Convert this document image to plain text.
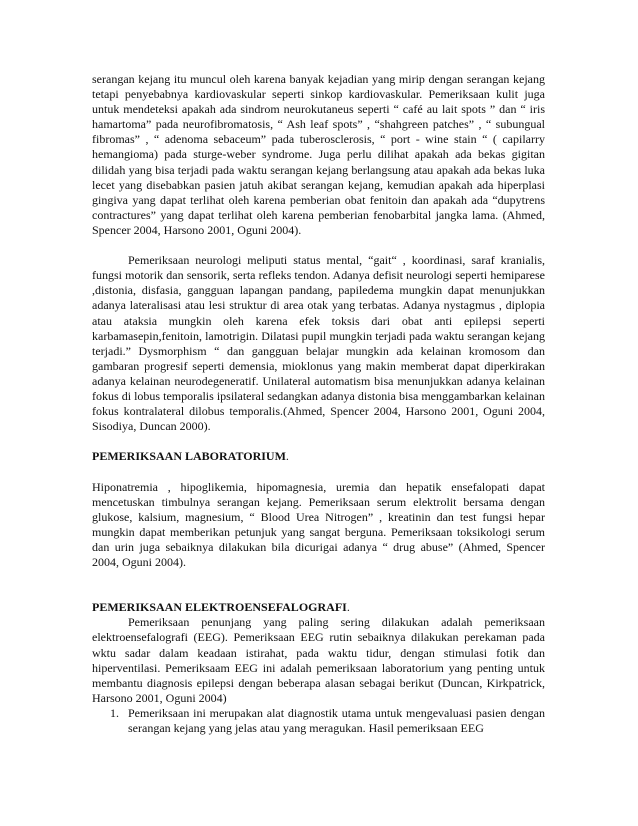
serangan kejang itu muncul oleh karena banyak kejadian yang mirip dengan serangan kejang tetapi penyebabnya kardiovaskular seperti sinkop kardiovaskular. Pemeriksaan kulit juga untuk mendeteksi apakah ada sindrom neurokutaneus seperti “ café au lait spots ” dan “ iris hamartoma” pada neurofibromatosis, “ Ash leaf spots” , “shahgreen patches” , “ subungual fibromas” , “ adenoma sebaceum” pada tuberosclerosis, “ port - wine stain “ ( capilarry hemangioma) pada sturge-weber syndrome. Juga perlu dilihat apakah ada bekas gigitan dilidah yang bisa terjadi pada waktu serangan kejang berlangsung atau apakah ada bekas luka lecet yang disebabkan pasien jatuh akibat serangan kejang, kemudian apakah ada hiperplasi gingiva yang dapat terlihat oleh karena pemberian obat fenitoin dan apakah ada “dupytrens contractures” yang dapat terlihat oleh karena pemberian fenobarbital jangka lama. (Ahmed, Spencer 2004, Harsono 2001, Oguni 2004).

Pemeriksaan neurologi meliputi status mental, “gait“ , koordinasi, saraf kranialis, fungsi motorik dan sensorik, serta refleks tendon. Adanya defisit neurologi seperti hemiparese ,distonia, disfasia, gangguan lapangan pandang, papiledema mungkin dapat menunjukkan adanya lateralisasi atau lesi struktur di area otak yang terbatas. Adanya nystagmus , diplopia atau ataksia mungkin oleh karena efek toksis dari obat anti epilepsi seperti karbamasepin,fenitoin, lamotrigin. Dilatasi pupil mungkin terjadi pada waktu serangan kejang terjadi.” Dysmorphism “ dan gangguan belajar mungkin ada kelainan kromosom dan gambaran progresif seperti demensia, mioklonus yang makin memberat dapat diperkirakan adanya kelainan neurodegeneratif. Unilateral automatism bisa menunjukkan adanya kelainan fokus di lobus temporalis ipsilateral sedangkan adanya distonia bisa menggambarkan kelainan fokus kontralateral dilobus temporalis.(Ahmed, Spencer 2004, Harsono 2001, Oguni 2004, Sisodiya, Duncan 2000).

PEMERIKSAAN LABORATORIUM.

Hiponatremia , hipoglikemia, hipomagnesia, uremia dan hepatik ensefalopati dapat mencetuskan timbulnya serangan kejang. Pemeriksaan serum elektrolit bersama dengan glukose, kalsium, magnesium, “ Blood Urea Nitrogen” , kreatinin dan test fungsi hepar mungkin dapat memberikan petunjuk yang sangat berguna. Pemeriksaan toksikologi serum dan urin juga sebaiknya dilakukan bila dicurigai adanya “ drug abuse” (Ahmed, Spencer 2004, Oguni 2004).

PEMERIKSAAN ELEKTROENSEFALOGRAFI.

Pemeriksaan penunjang yang paling sering dilakukan adalah pemeriksaan elektroensefalografi (EEG). Pemeriksaan EEG rutin sebaiknya dilakukan perekaman pada wktu sadar dalam keadaan istirahat, pada waktu tidur, dengan stimulasi fotik dan hiperventilasi. Pemeriksaam EEG ini adalah pemeriksaan laboratorium yang penting untuk membantu diagnosis epilepsi dengan beberapa alasan sebagai berikut (Duncan, Kirkpatrick, Harsono 2001, Oguni 2004)

1. Pemeriksaan ini merupakan alat diagnostik utama untuk mengevaluasi pasien dengan serangan kejang yang jelas atau yang meragukan. Hasil pemeriksaan EEG
